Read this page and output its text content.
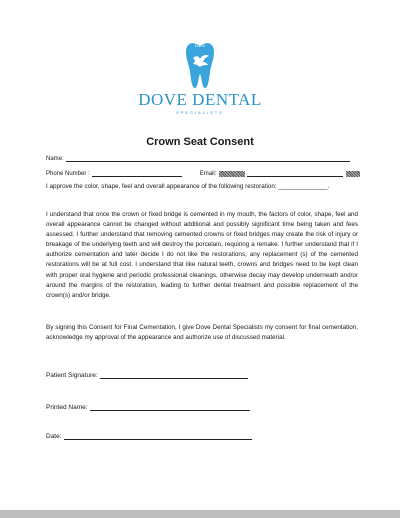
DDS
DOVE DENTAL
SPECIALISTS
Crown Seat Consent
Name:
Phone Number :	Email:
I approve the color, shape, feel and overall appearance of the following restoration: ______________.
I understand that once the crown or fixed bridge is cemented in my mouth, the factors of color, shape, feel and overall appearance cannot be changed without additional and possibly significant time being taken and fees assessed. I further understand that removing cemented crowns or fixed bridges may create the risk of injury or breakage of the underlying teeth and will destroy the porcelain, requiring a remake. I further understand that if I authorize cementation and later decide I do not like the restorations, any replacement (s) of the cemented restorations will be at full cost. I understand that like natural teeth, crowns and bridges need to be kept clean with proper oral hygiene and periodic professional cleanings, otherwise decay may develop underneath and/or around the margins of the restoration, leading to further dental treatment and possible replacement of the crown(s) and/or bridge.
By signing this Consent for Final Cementation, I give Dove Dental Specialists my consent for final cementation, acknowledge my approval of the appearance and authorize use of discussed material.
Patient Signature:
Printed Name:
Date:
